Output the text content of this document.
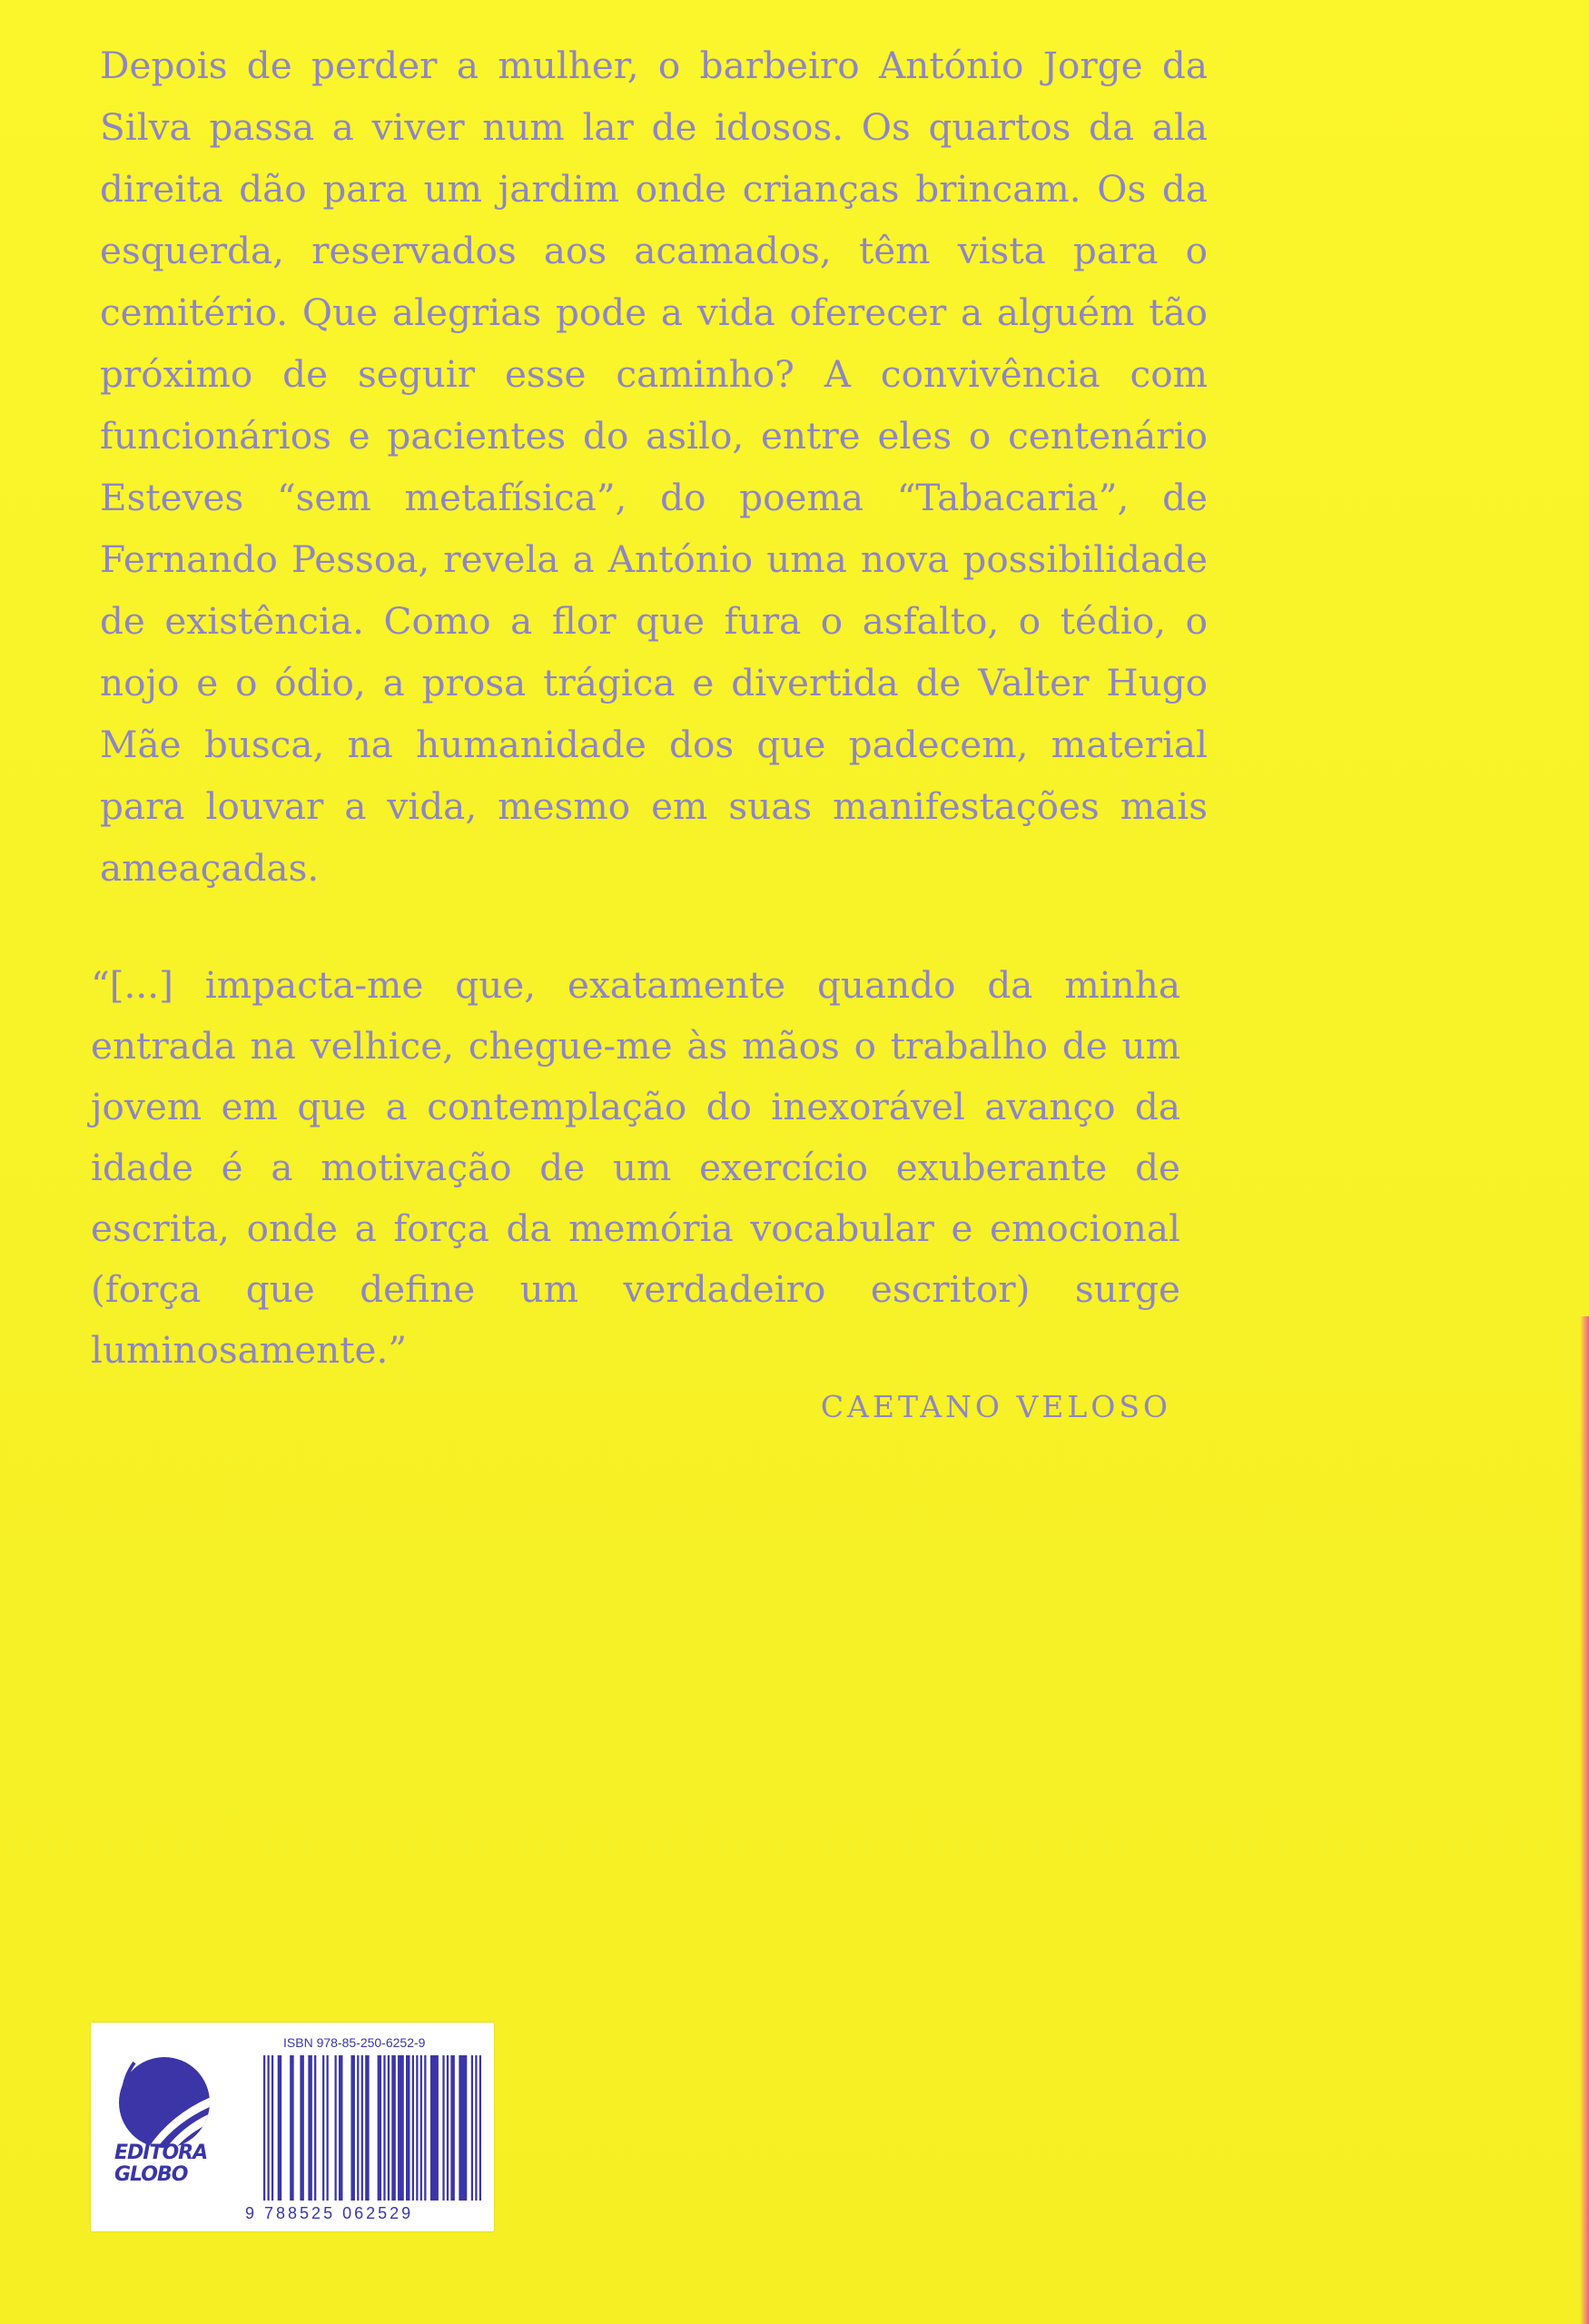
Depois de perder a mulher, o barbeiro António Jorge da Silva passa a viver num lar de idosos. Os quartos da ala direita dão para um jardim onde crianças brincam. Os da esquerda, reservados aos acamados, têm vista para o cemitério. Que alegrias pode a vida oferecer a alguém tão próximo de seguir esse caminho? A convivência com funcionários e pacientes do asilo, entre eles o centenário Esteves “sem metafísica”, do poema “Tabacaria”, de Fernando Pessoa, revela a António uma nova possibilidade de existência. Como a flor que fura o asfalto, o tédio, o nojo e o ódio, a prosa trágica e divertida de Valter Hugo Mãe busca, na humanidade dos que padecem, material para louvar a vida, mesmo em suas manifestações mais ameaçadas.

“[...] impacta-me que, exatamente quando da minha entrada na velhice, chegue-me às mãos o trabalho de um jovem em que a contemplação do inexorável avanço da idade é a motivação de um exercício exuberante de escrita, onde a força da memória vocabular e emocional (força que define um verdadeiro escritor) surge luminosamente.”

CAETANO VELOSO

EDITORA
GLOBO

ISBN 978-85-250-6252-9

9 788525 062529
